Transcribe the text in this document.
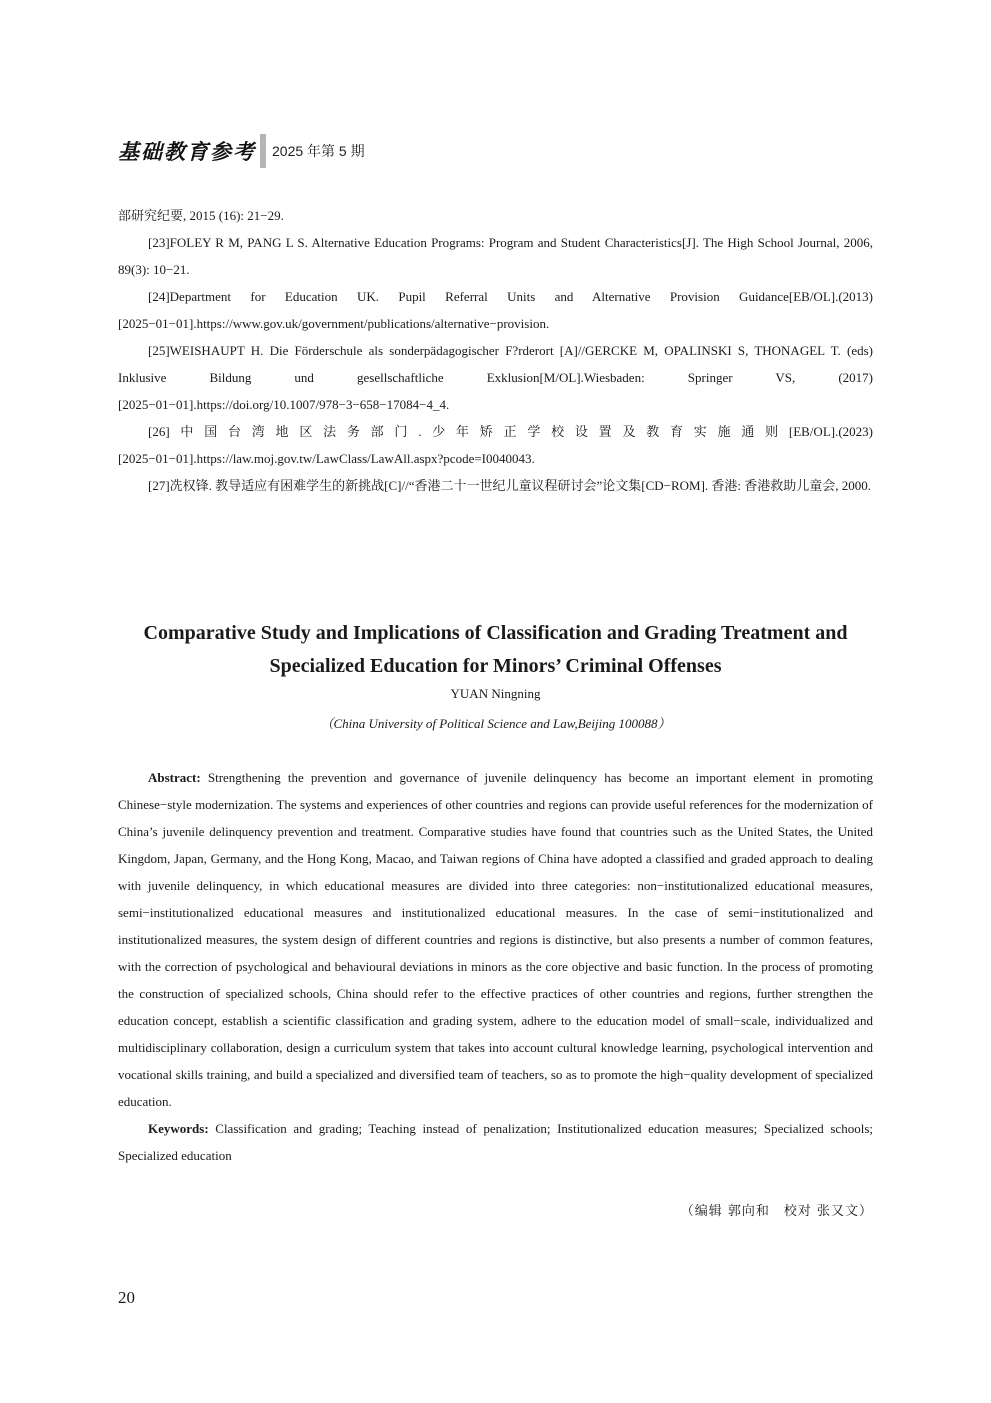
基础教育参考 2025 年第 5 期

部研究纪要, 2015 (16): 21−29.

[23]FOLEY R M, PANG L S. Alternative Education Programs: Program and Student Characteristics[J]. The High School Journal, 2006, 89(3): 10−21.

[24]Department for Education UK. Pupil Referral Units and Alternative Provision Guidance[EB/OL].(2013) [2025−01−01].https://www.gov.uk/government/publications/alternative−provision.

[25]WEISHAUPT H. Die Förderschule als sonderpädagogischer F?rderort [A]//GERCKE M, OPALINSKI S, THONAGEL T. (eds) Inklusive Bildung und gesellschaftliche Exklusion[M/OL].Wiesbaden: Springer VS, (2017)[2025−01−01].https://doi.org/10.1007/978−3−658−17084−4_4.

[26]中国台湾地区法务部门.少年矫正学校设置及教育实施通则[EB/OL].(2023) [2025−01−01].https://law.moj.gov.tw/LawClass/LawAll.aspx?pcode=I0040043.

[27]冼权锋. 教导适应有困难学生的新挑战[C]//“香港二十一世纪儿童议程研讨会”论文集[CD−ROM]. 香港: 香港救助儿童会, 2000.

Comparative Study and Implications of Classification and Grading Treatment and Specialized Education for Minors’ Criminal Offenses
YUAN Ningning
（China University of Political Science and Law,Beijing 100088）

Abstract: Strengthening the prevention and governance of juvenile delinquency has become an important element in promoting Chinese−style modernization. The systems and experiences of other countries and regions can provide useful references for the modernization of China’s juvenile delinquency prevention and treatment. Comparative studies have found that countries such as the United States, the United Kingdom, Japan, Germany, and the Hong Kong, Macao, and Taiwan regions of China have adopted a classified and graded approach to dealing with juvenile delinquency, in which educational measures are divided into three categories: non−institutionalized educational measures, semi−institutionalized educational measures and institutionalized educational measures. In the case of semi−institutionalized and institutionalized measures, the system design of different countries and regions is distinctive, but also presents a number of common features, with the correction of psychological and behavioural deviations in minors as the core objective and basic function. In the process of promoting the construction of specialized schools, China should refer to the effective practices of other countries and regions, further strengthen the education concept, establish a scientific classification and grading system, adhere to the education model of small−scale, individualized and multidisciplinary collaboration, design a curriculum system that takes into account cultural knowledge learning, psychological intervention and vocational skills training, and build a specialized and diversified team of teachers, so as to promote the high−quality development of specialized education.

Keywords: Classification and grading; Teaching instead of penalization; Institutionalized education measures; Specialized schools; Specialized education

（编辑 郭向和　校对 张又文）
20
